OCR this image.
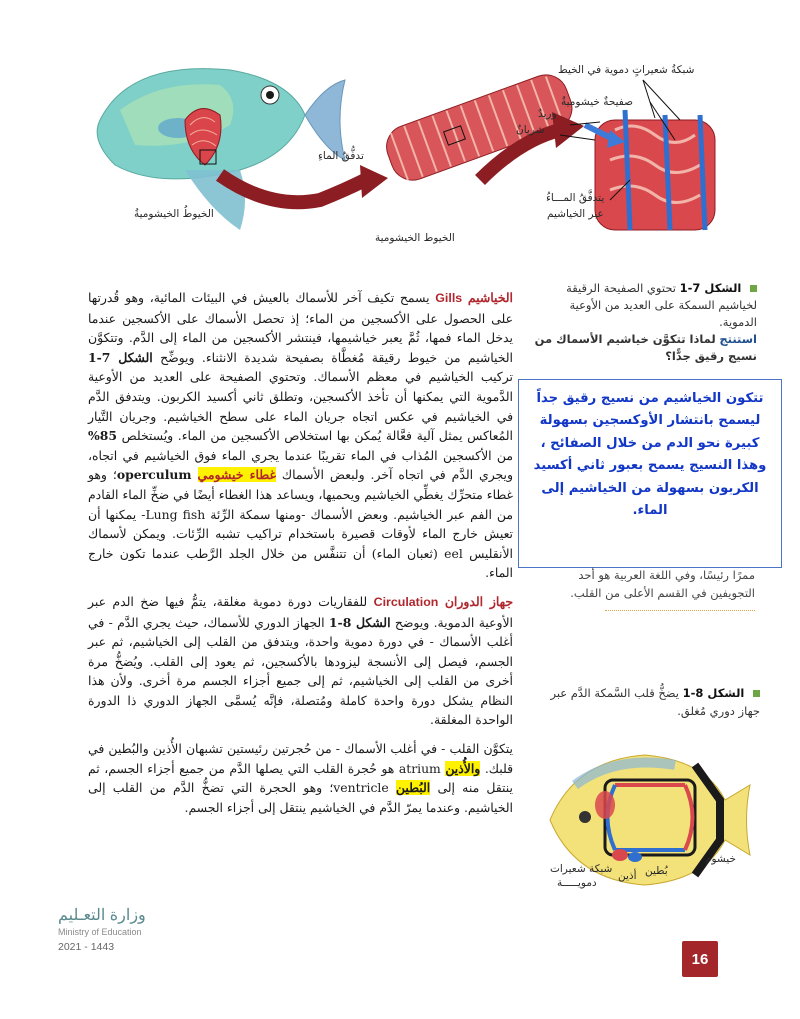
الخيوطُ الخيشوميةُ
تدفُّقُ الماءِ
الخيوط الخيشومية
شبكةُ شعيراتٍ دموية في الخيط
صفيحةٌ خيشوميةٌ
وريدٌ
شريانٌ
يتدفَّقُ المـــاءُ
عبر الخياشيم

الخياشيم Gills يسمح تكيف آخر للأسماك بالعيش في البيئات المائية، وهو قُدرتها على الحصول على الأكسجين من الماء؛ إذ تحصل الأسماك على الأكسجين عندما يدخل الماء فمها، ثُمَّ يعبر خياشيمها، فينتشر الأكسجين من الماء إلى الدَّم. وتتكوَّن الخياشيم من خيوط رقيقة مُغطَّاة بصفيحة شديدة الانثناء. ويوضِّح الشكل 7-1 تركيب الخياشيم في معظم الأسماك. وتحتوي الصفيحة على العديد من الأوعية الدَّموية التي يمكنها أن تأخذ الأكسجين، وتطلق ثاني أكسيد الكربون. ويتدفق الدَّم في الخياشيم في عكس اتجاه جريان الماء على سطح الخياشيم. وجريان التَّيار المُعاكس يمثل آلية فعَّالة يُمكن بها استخلاص الأكسجين من الماء. ويُستخلص 85% من الأكسجين المُذاب في الماء تقريبًا عندما يجري الماء فوق الخياشيم في اتجاه، ويجري الدَّم في اتجاه آخر. ولبعض الأسماك غطاء خيشومي operculum؛ وهو غطاء متحرِّك يغطِّي الخياشيم ويحميها، ويساعد هذا الغطاء أيضًا في ضخِّ الماء القادم من الفم عبر الخياشيم. وبعض الأسماك -ومنها سمكة الرِّئة Lung fish- يمكنها أن تعيش خارج الماء لأوقات قصيرة باستخدام تراكيب تشبه الرِّئات. ويمكن لأسماك الأنقليس eel (ثعبان الماء) أن تتنفَّس من خلال الجلد الرَّطب عندما تكون خارج الماء.

جهاز الدوران Circulation للفقاريات دورة دموية مغلقة، يتمُّ فيها ضخ الدم عبر الأوعية الدموية. ويوضح الشكل 8-1 الجهاز الدوري للأسماك، حيث يجري الدَّم - في أغلب الأسماك - في دورة دموية واحدة، ويتدفق من القلب إلى الخياشيم، ثم عبر الجسم، فيصل إلى الأنسجة ليزودها بالأكسجين، ثم يعود إلى القلب. ويُضخُّ مرة أخرى من القلب إلى الخياشيم، ثم إلى جميع أجزاء الجسم مرة أخرى. ولأن هذا النظام يشكل دورة واحدة كاملة ومُتصلة، فإنَّه يُسمَّى الجهاز الدوري ذا الدورة الواحدة المغلقة.

يتكوَّن القلب - في أغلب الأسماك - من حُجرتين رئيستين تشبهان الأُذين والبُطين في قلبك. والأُذين atrium هو حُجرة القلب التي يصلها الدَّم من جميع أجزاء الجسم، ثم ينتقل منه إلى البُطين ventricle؛ وهو الحجرة التي تضخُّ الدَّم من القلب إلى الخياشيم. وعندما يمرّ الدَّم في الخياشيم ينتقل إلى أجزاء الجسم.

الشكل 7-1 تحتوي الصفيحة الرقيقة لخياشيم السمكة على العديد من الأوعية الدموية.
استنتج لماذا تتكوَّن خياشيم الأسماك من نسيج رقيق جدًّا؟
تتكون الخياشيم من نسيج رقيق جداً ليسمح بانتشار الأوكسجين بسهولة كبيرة نحو الدم من خلال الصفائح ، وهذا النسيج يسمح بعبور ثاني أكسيد الكربون بسهولة من الخياشيم إلى الماء.
ممرًا رئيسًا، وفي اللغة العربية هو أحد التجويفين في القسم الأعلى من القلب.
الشكل 8-1 يضخُّ قلب السَّمكة الدَّم عبر جهاز دوري مُغلق.
خيشوم
بُطين
أذين
شبكة شعيرات
دمويـــــة
وزارة التعـليم
Ministry of Education
2021 - 1443
16
